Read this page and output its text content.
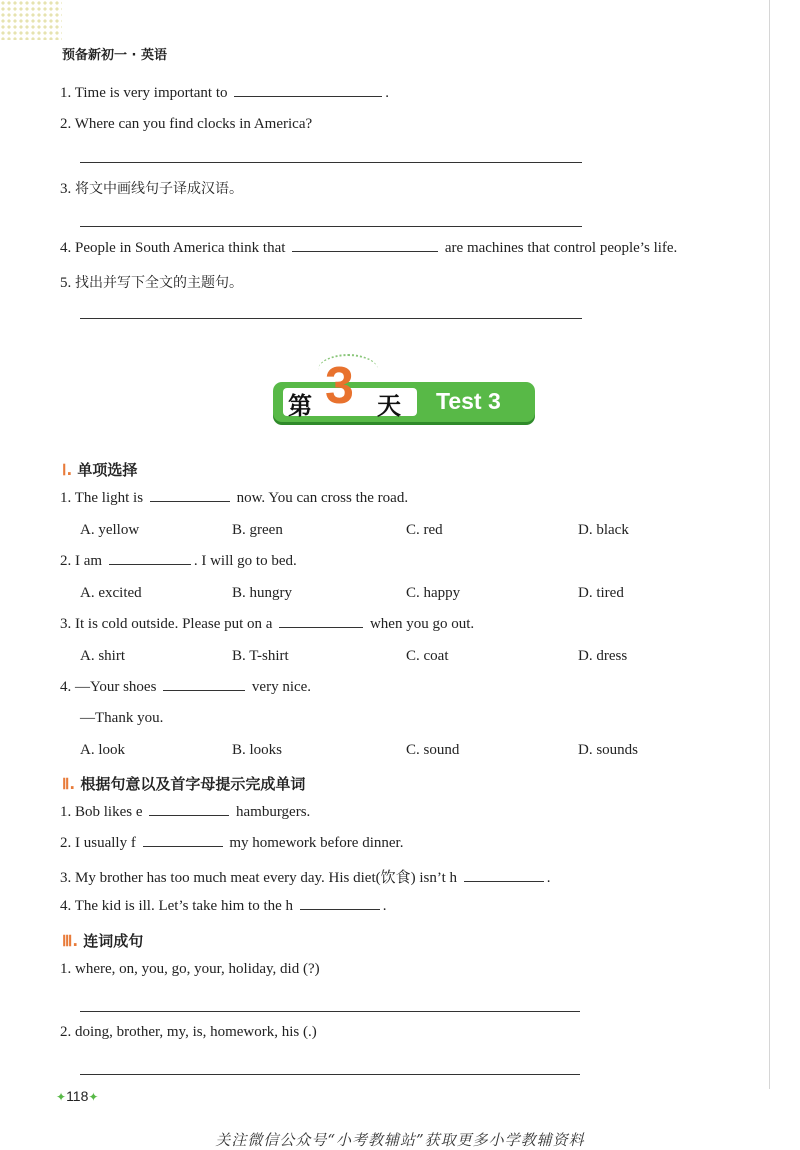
预备新初一 · 英语
1. Time is very important to	.
2. Where can you find clocks in America?
3. 将文中画线句子译成汉语。
4. People in South America think that	are machines that control people’s life.
5. 找出并写下全文的主题句。
第 3 天 Test 3
Ⅰ. 单项选择
1. The light is	now. You can cross the road.
A. yellow	B. green	C. red	D. black
2. I am	. I will go to bed.
A. excited	B. hungry	C. happy	D. tired
3. It is cold outside. Please put on a	when you go out.
A. shirt	B. T-shirt	C. coat	D. dress
4. —Your shoes	very nice.
—Thank you.
A. look	B. looks	C. sound	D. sounds
Ⅱ. 根据句意以及首字母提示完成单词
1. Bob likes e	hamburgers.
2. I usually f	my homework before dinner.
3. My brother has too much meat every day. His diet(饮食) isn’t h	.
4. The kid is ill. Let’s take him to the h	.
Ⅲ. 连词成句
1. where, on, you, go, your, holiday, did (?)
2. doing, brother, my, is, homework, his (.)
✦118✦
关注微信公众号“小考教辅站”获取更多小学教辅资料
